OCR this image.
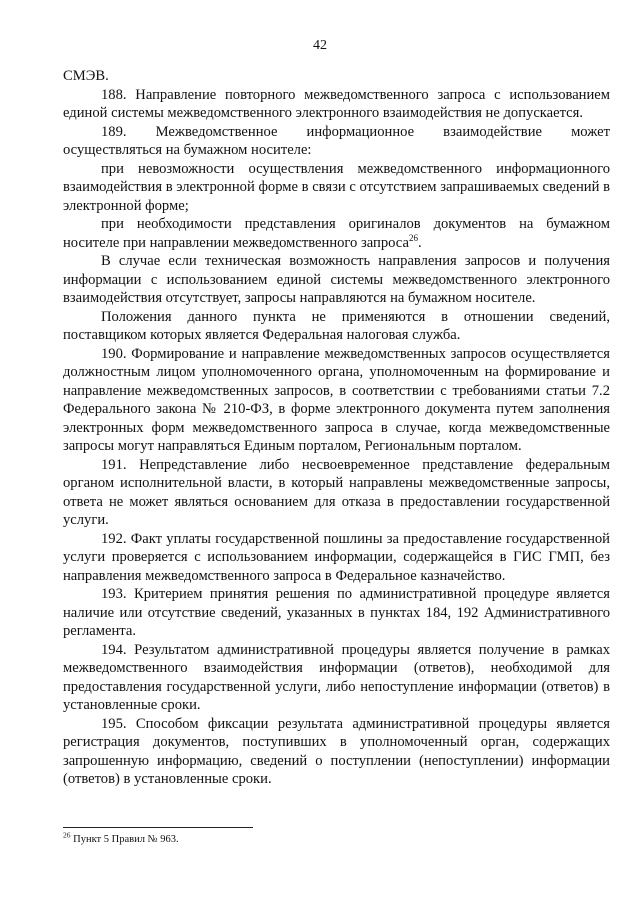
42

СМЭВ.

188. Направление повторного межведомственного запроса с использованием единой системы межведомственного электронного взаимодействия не допускается.

189. Межведомственное информационное взаимодействие может осуществляться на бумажном носителе:

при невозможности осуществления межведомственного информационного взаимодействия в электронной форме в связи с отсутствием запрашиваемых сведений в электронной форме;

при необходимости представления оригиналов документов на бумажном носителе при направлении межведомственного запроса$^{26}$.

В случае если техническая возможность направления запросов и получения информации с использованием единой системы межведомственного электронного взаимодействия отсутствует, запросы направляются на бумажном носителе.

Положения данного пункта не применяются в отношении сведений, поставщиком которых является Федеральная налоговая служба.

190. Формирование и направление межведомственных запросов осуществляется должностным лицом уполномоченного органа, уполномоченным на формирование и направление межведомственных запросов, в соответствии с требованиями статьи 7.2 Федерального закона № 210-ФЗ, в форме электронного документа путем заполнения электронных форм межведомственного запроса в случае, когда межведомственные запросы могут направляться Единым порталом, Региональным порталом.

191. Непредставление либо несвоевременное представление федеральным органом исполнительной власти, в который направлены межведомственные запросы, ответа не может являться основанием для отказа в предоставлении государственной услуги.

192. Факт уплаты государственной пошлины за предоставление государственной услуги проверяется с использованием информации, содержащейся в ГИС ГМП, без направления межведомственного запроса в Федеральное казначейство.

193. Критерием принятия решения по административной процедуре является наличие или отсутствие сведений, указанных в пунктах 184, 192 Административного регламента.

194. Результатом административной процедуры является получение в рамках межведомственного взаимодействия информации (ответов), необходимой для предоставления государственной услуги, либо непоступление информации (ответов) в установленные сроки.

195. Способом фиксации результата административной процедуры является регистрация документов, поступивших в уполномоченный орган, содержащих запрошенную информацию, сведений о поступлении (непоступлении) информации (ответов) в установленные сроки.

$^{26}$ Пункт 5 Правил № 963.
